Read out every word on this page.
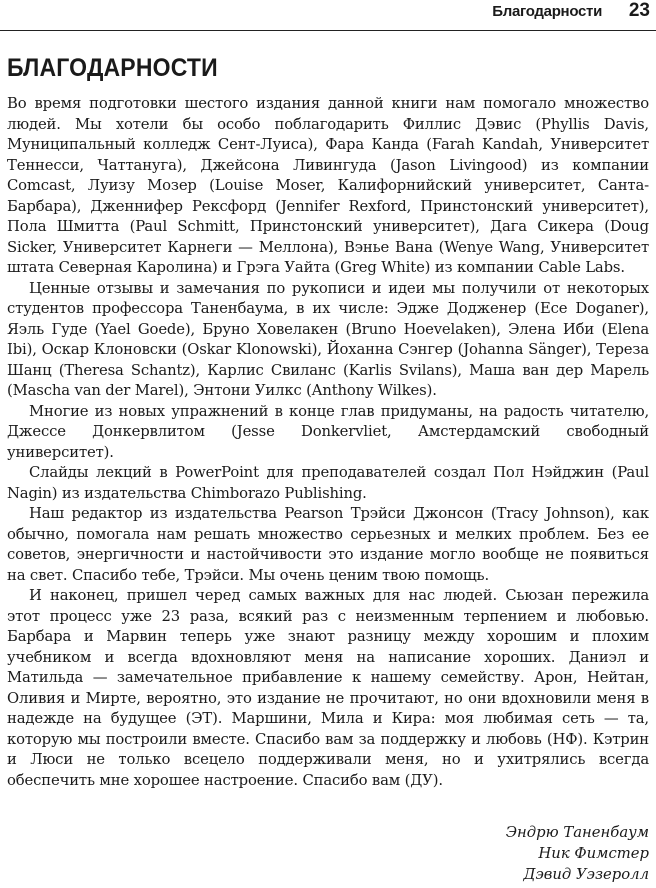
Благодарности 23
БЛАГОДАРНОСТИ

Во время подготовки шестого издания данной книги нам помогало множество людей. Мы хотели бы особо поблагодарить Филлис Дэвис (Phyllis Davis, Муниципальный колледж Сент-Луиса), Фара Канда (Farah Kandah, Университет Теннесси, Чаттануга), Джейсона Ливингуда (Jason Livingood) из компании Comcast, Луизу Мозер (Louise Moser, Калифорнийский университет, Санта-Барбара), Дженнифер Рексфорд (Jennifer Rexford, Принстонский университет), Пола Шмитта (Paul Schmitt, Принстонский университет), Дага Сикера (Doug Sicker, Университет Карнеги — Меллона), Вэнье Вана (Wenye Wang, Университет штата Северная Каролина) и Грэга Уайта (Greg White) из компании Cable Labs.

Ценные отзывы и замечания по рукописи и идеи мы получили от некоторых студентов профессора Таненбаума, в их числе: Эдже Додженер (Ece Doganer), Яэль Гуде (Yael Goede), Бруно Ховелакен (Bruno Hoevelaken), Элена Иби (Elena Ibi), Оскар Клоновски (Oskar Klonowski), Йоханна Сэнгер (Johanna Sänger), Тереза Шанц (Theresa Schantz), Карлис Свиланс (Karlis Svilans), Маша ван дер Марель (Mascha van der Marel), Энтони Уилкс (Anthony Wilkes).

Многие из новых упражнений в конце глав придуманы, на радость читателю, Джессе Донкервлитом (Jesse Donkervliet, Амстердамский свободный университет).

Слайды лекций в PowerPoint для преподавателей создал Пол Нэйджин (Paul Nagin) из издательства Chimborazo Publishing.

Наш редактор из издательства Pearson Трэйси Джонсон (Tracy Johnson), как обычно, помогала нам решать множество серьезных и мелких проблем. Без ее советов, энергичности и настойчивости это издание могло вообще не появиться на свет. Спасибо тебе, Трэйси. Мы очень ценим твою помощь.

И наконец, пришел черед самых важных для нас людей. Сьюзан пережила этот процесс уже 23 раза, всякий раз с неизменным терпением и любовью. Барбара и Марвин теперь уже знают разницу между хорошим и плохим учебником и всегда вдохновляют меня на написание хороших. Даниэл и Матильда — замечательное прибавление к нашему семейству. Арон, Нейтан, Оливия и Мирте, вероятно, это издание не прочитают, но они вдохновили меня в надежде на будущее (ЭТ). Маршини, Мила и Кира: моя любимая сеть — та, которую мы построили вместе. Спасибо вам за поддержку и любовь (НФ). Кэтрин и Люси не только всецело поддерживали меня, но и ухитрялись всегда обеспечить мне хорошее настроение. Спасибо вам (ДУ).

Эндрю Таненбаум
Ник Фимстер
Дэвид Уэзеролл
